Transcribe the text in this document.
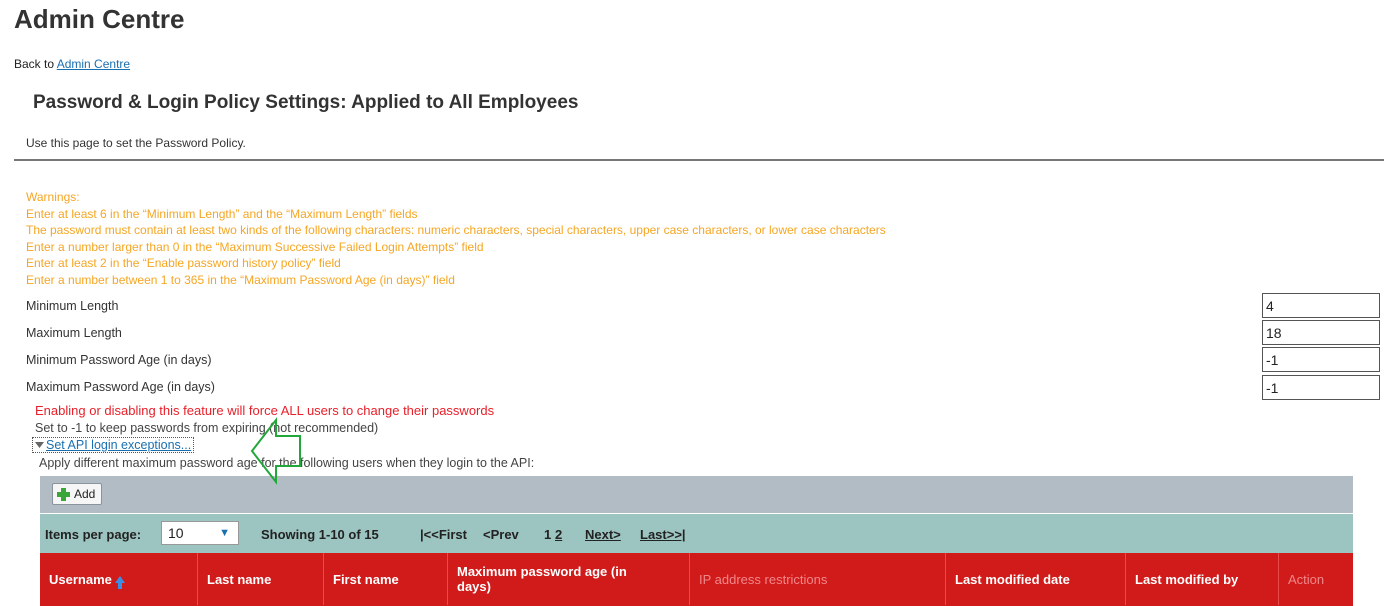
Admin Centre
Back to Admin Centre
Password & Login Policy Settings: Applied to All Employees
Use this page to set the Password Policy.
Warnings:
Enter at least 6 in the “Minimum Length” and the “Maximum Length” fields
The password must contain at least two kinds of the following characters: numeric characters, special characters, upper case characters, or lower case characters
Enter a number larger than 0 in the “Maximum Successive Failed Login Attempts” field
Enter at least 2 in the “Enable password history policy” field
Enter a number between 1 to 365 in the “Maximum Password Age (in days)” field
Minimum Length
4
Maximum Length
18
Minimum Password Age (in days)
-1
Maximum Password Age (in days)
-1
Enabling or disabling this feature will force ALL users to change their passwords
Set to -1 to keep passwords from expiring (not recommended)
Set API login exceptions...
Apply different maximum password age for the following users when they login to the API:
Add
Items per page: 10	▼ Showing 1-10 of 15	|<<First <Prev 1 2 Next> Last>>|
Username	Last name	First name	Maximum password age (in days)	IP address restrictions	Last modified date	Last modified by	Action
